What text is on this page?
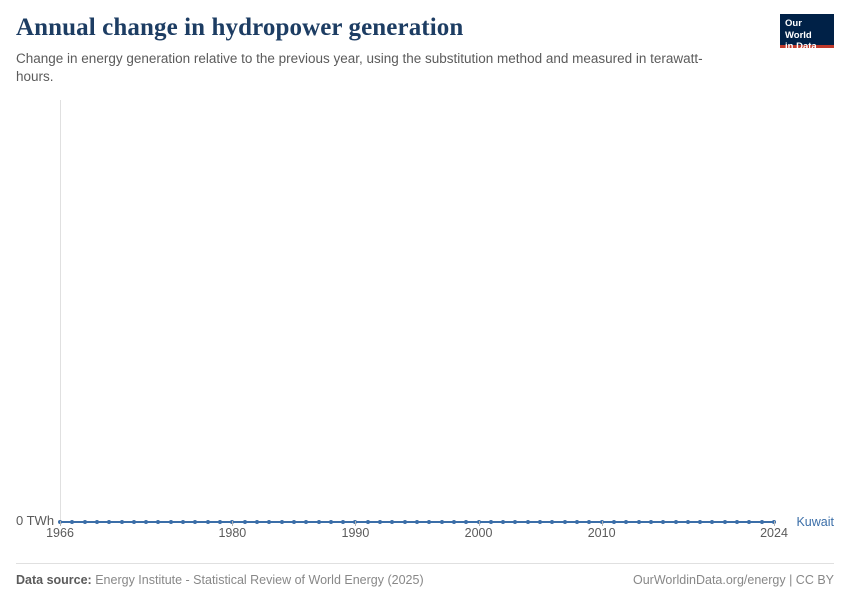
Annual change in hydropower generation

Change in energy generation relative to the previous year, using the substitution method and measured in terawatt-hours.

Our World
in Data
0 TWh	Kuwait
1966	1980	1990	2000	2010	2024
Data source: Energy Institute - Statistical Review of World Energy (2025)	OurWorldinData.org/energy | CC BY
